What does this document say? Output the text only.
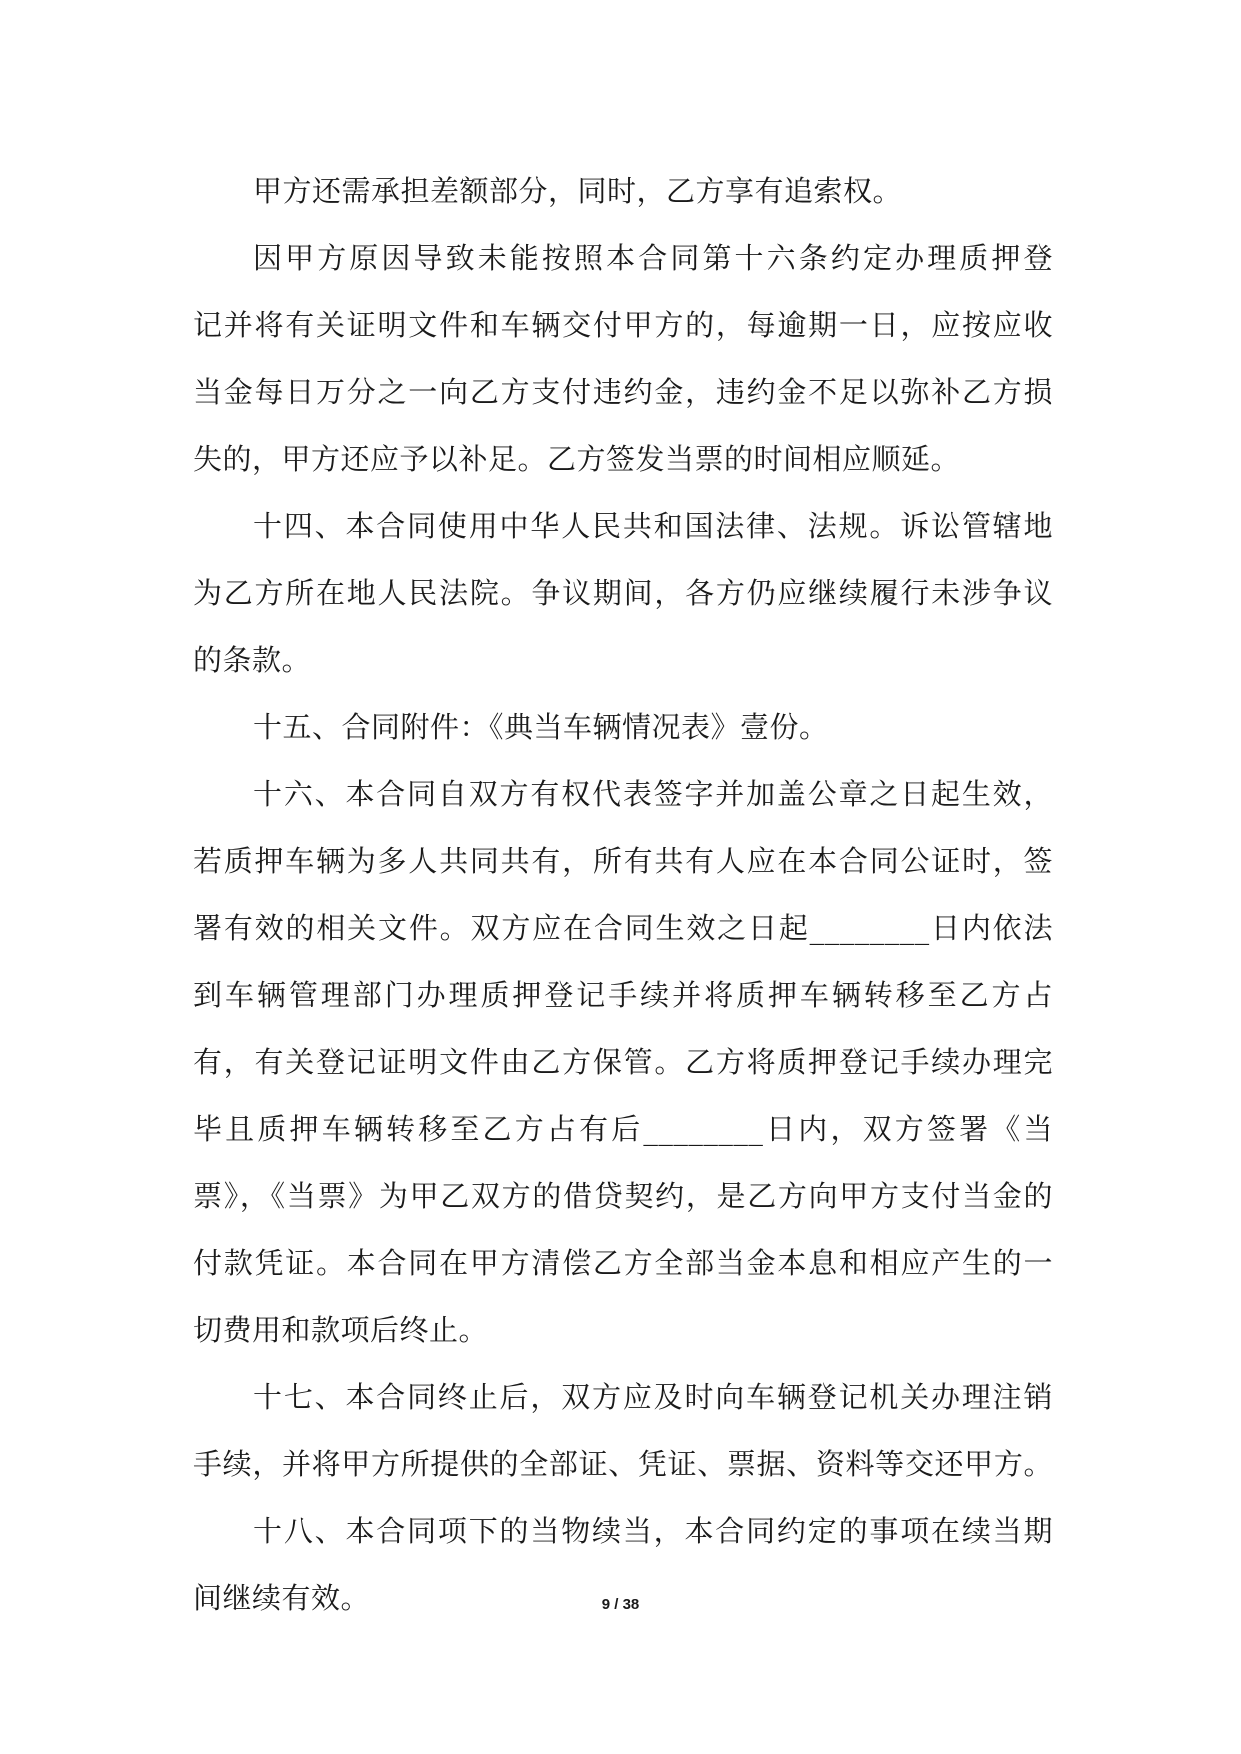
甲方还需承担差额部分，同时，乙方享有追索权。
因甲方原因导致未能按照本合同第十六条约定办理质押登
记并将有关证明文件和车辆交付甲方的，每逾期一日，应按应收
当金每日万分之一向乙方支付违约金，违约金不足以弥补乙方损
失的，甲方还应予以补足。乙方签发当票的时间相应顺延。
十四、本合同使用中华人民共和国法律、法规。诉讼管辖地
为乙方所在地人民法院。争议期间，各方仍应继续履行未涉争议
的条款。
十五、合同附件：《典当车辆情况表》壹份。
十六、本合同自双方有权代表签字并加盖公章之日起生效，
若质押车辆为多人共同共有，所有共有人应在本合同公证时，签
署有效的相关文件。双方应在合同生效之日起________日内依法
到车辆管理部门办理质押登记手续并将质押车辆转移至乙方占
有，有关登记证明文件由乙方保管。乙方将质押登记手续办理完
毕且质押车辆转移至乙方占有后________日内，双方签署《当
票》，《当票》为甲乙双方的借贷契约，是乙方向甲方支付当金的
付款凭证。本合同在甲方清偿乙方全部当金本息和相应产生的一
切费用和款项后终止。
十七、本合同终止后，双方应及时向车辆登记机关办理注销
手续，并将甲方所提供的全部证、凭证、票据、资料等交还甲方。
十八、本合同项下的当物续当，本合同约定的事项在续当期
间继续有效。	9 / 38
